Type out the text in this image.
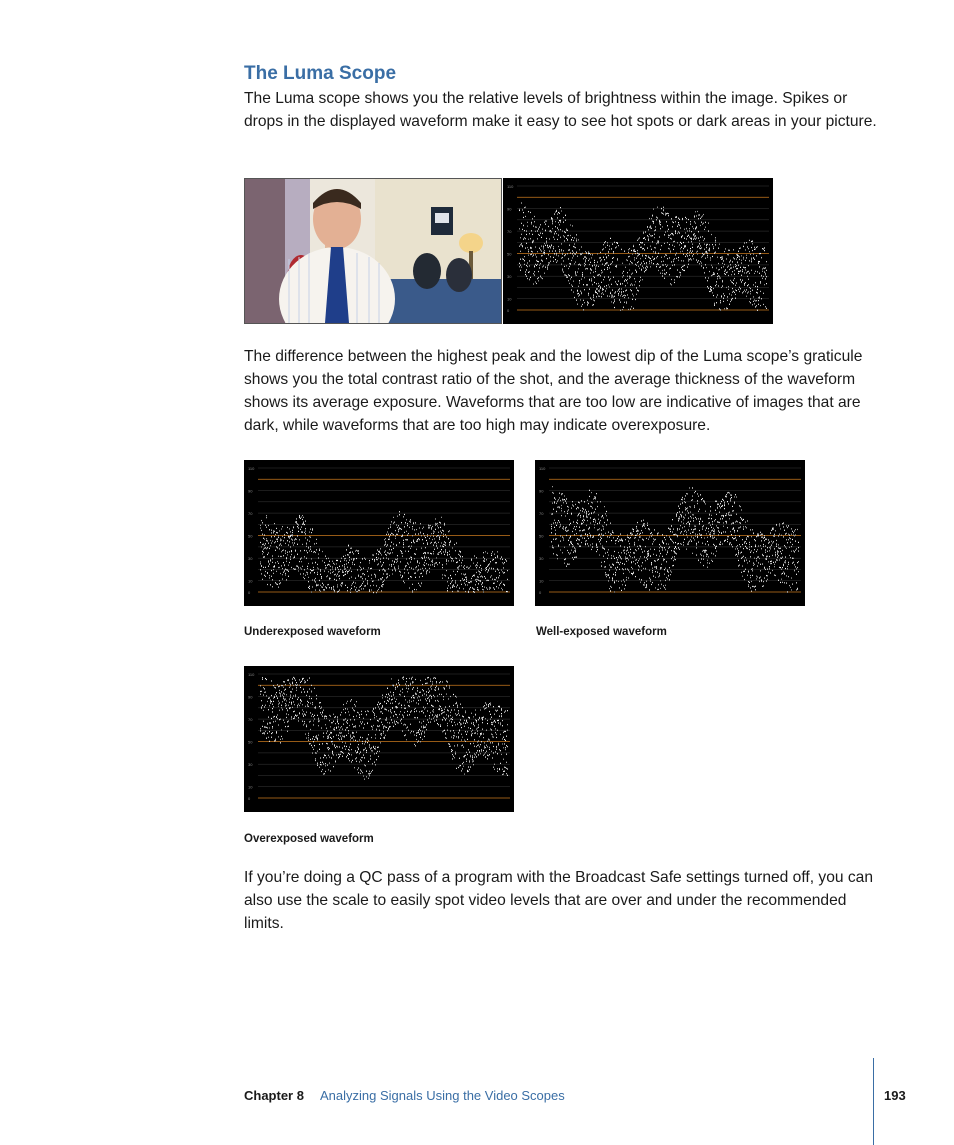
The Luma Scope

The Luma scope shows you the relative levels of brightness within the image. Spikes or drops in the displayed waveform make it easy to see hot spots or dark areas in your picture.

110
90
70
50
30
10
0

The difference between the highest peak and the lowest dip of the Luma scope’s graticule shows you the total contrast ratio of the shot, and the average thickness of the waveform shows its average exposure. Waveforms that are too low are indicative of images that are dark, while waveforms that are too high may indicate overexposure.

110
90
70
50
30
10
0
Underexposed waveform
110
90
70
50
30
10
0
Well-exposed waveform
110
90
70
50
30
10
0
Overexposed waveform

If you’re doing a QC pass of a program with the Broadcast Safe settings turned off, you can also use the scale to easily spot video levels that are over and under the recommended limits.

Chapter 8 Analyzing Signals Using the Video Scopes	193
